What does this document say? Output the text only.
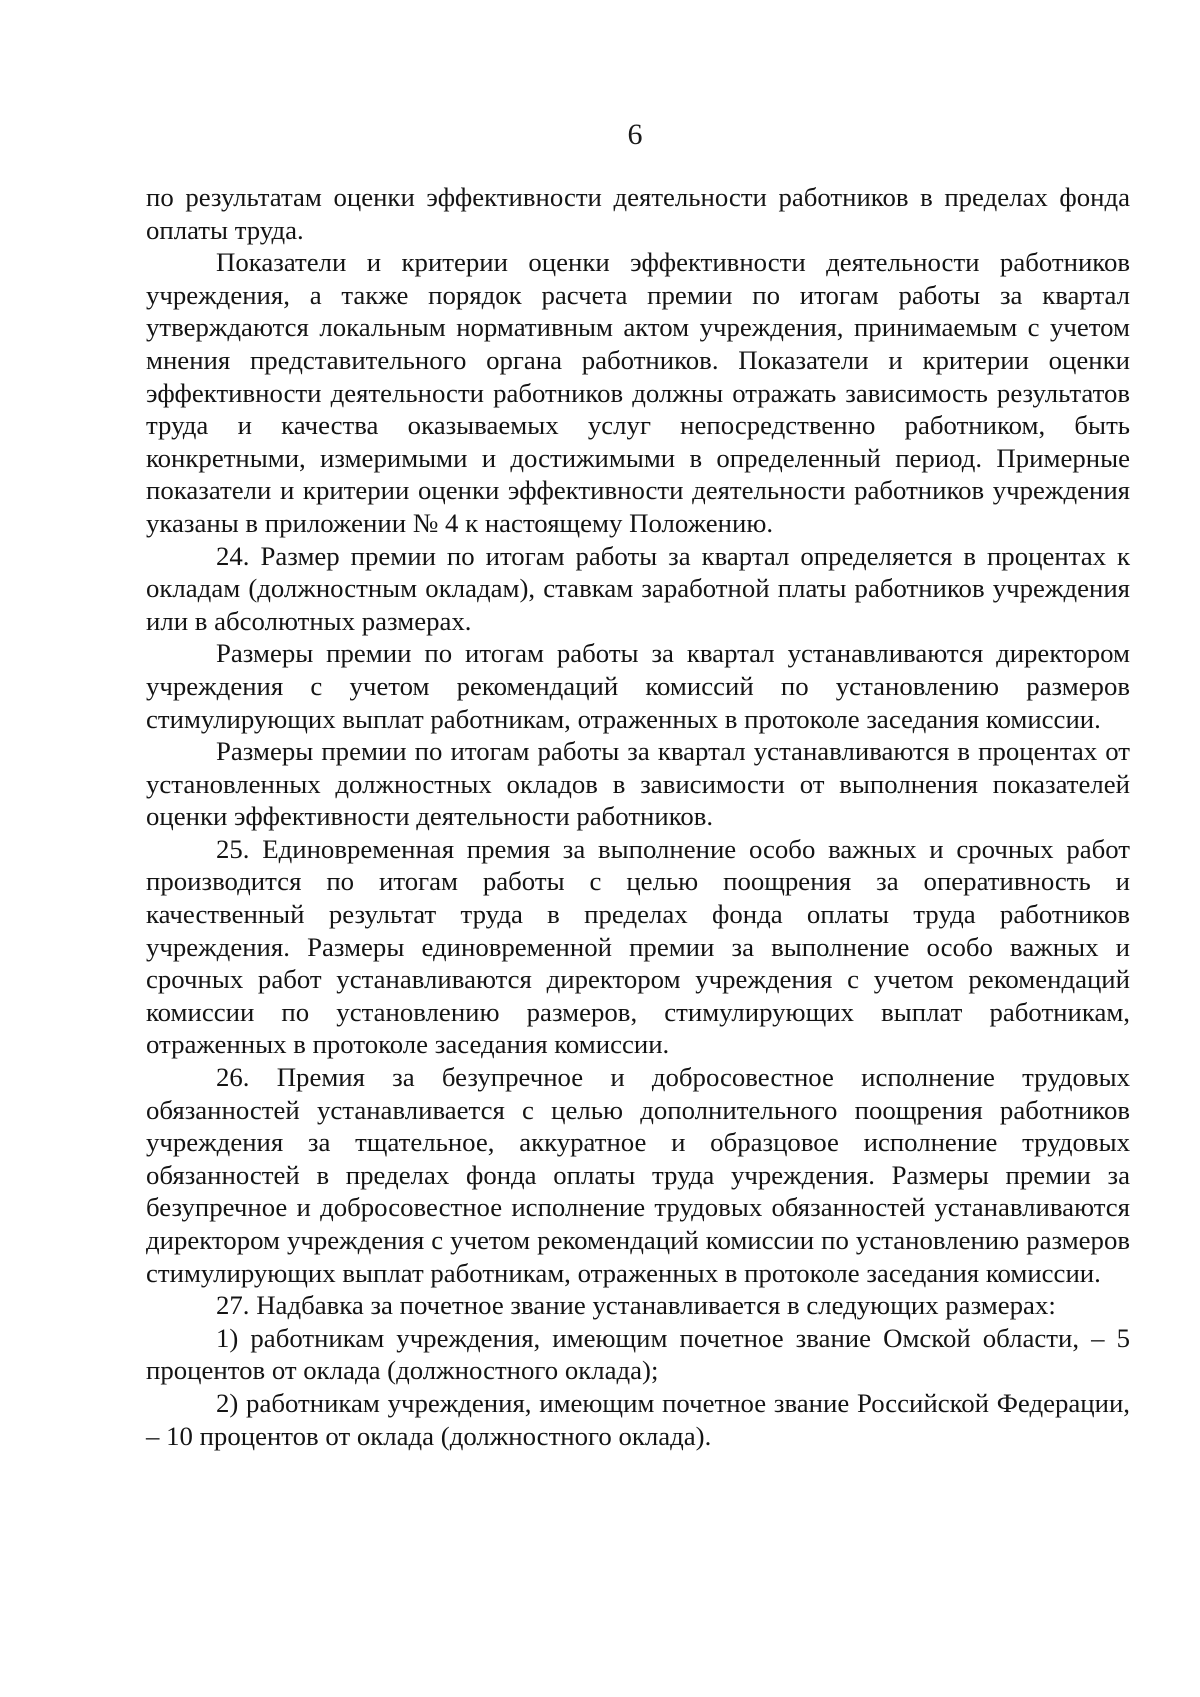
6

по результатам оценки эффективности деятельности работников в пределах фонда оплаты труда.

Показатели и критерии оценки эффективности деятельности работников учреждения, а также порядок расчета премии по итогам работы за квартал утверждаются локальным нормативным актом учреждения, принимаемым с учетом мнения представительного органа работников. Показатели и критерии оценки эффективности деятельности работников должны отражать зависимость результатов труда и качества оказываемых услуг непосредственно работником, быть конкретными, измеримыми и достижимыми в определенный период. Примерные показатели и критерии оценки эффективности деятельности работников учреждения указаны в приложении № 4 к настоящему Положению.

24. Размер премии по итогам работы за квартал определяется в процентах к окладам (должностным окладам), ставкам заработной платы работников учреждения или в абсолютных размерах.

Размеры премии по итогам работы за квартал устанавливаются директором учреждения с учетом рекомендаций комиссий по установлению размеров стимулирующих выплат работникам, отраженных в протоколе заседания комиссии.

Размеры премии по итогам работы за квартал устанавливаются в процентах от установленных должностных окладов в зависимости от выполнения показателей оценки эффективности деятельности работников.

25. Единовременная премия за выполнение особо важных и срочных работ производится по итогам работы с целью поощрения за оперативность и качественный результат труда в пределах фонда оплаты труда работников учреждения. Размеры единовременной премии за выполнение особо важных и срочных работ устанавливаются директором учреждения с учетом рекомендаций комиссии по установлению размеров, стимулирующих выплат работникам, отраженных в протоколе заседания комиссии.

26. Премия за безупречное и добросовестное исполнение трудовых обязанностей устанавливается с целью дополнительного поощрения работников учреждения за тщательное, аккуратное и образцовое исполнение трудовых обязанностей в пределах фонда оплаты труда учреждения. Размеры премии за безупречное и добросовестное исполнение трудовых обязанностей устанавливаются директором учреждения с учетом рекомендаций комиссии по установлению размеров стимулирующих выплат работникам, отраженных в протоколе заседания комиссии.

27. Надбавка за почетное звание устанавливается в следующих размерах:

1) работникам учреждения, имеющим почетное звание Омской области, – 5 процентов от оклада (должностного оклада);

2) работникам учреждения, имеющим почетное звание Российской Федерации, – 10 процентов от оклада (должностного оклада).
